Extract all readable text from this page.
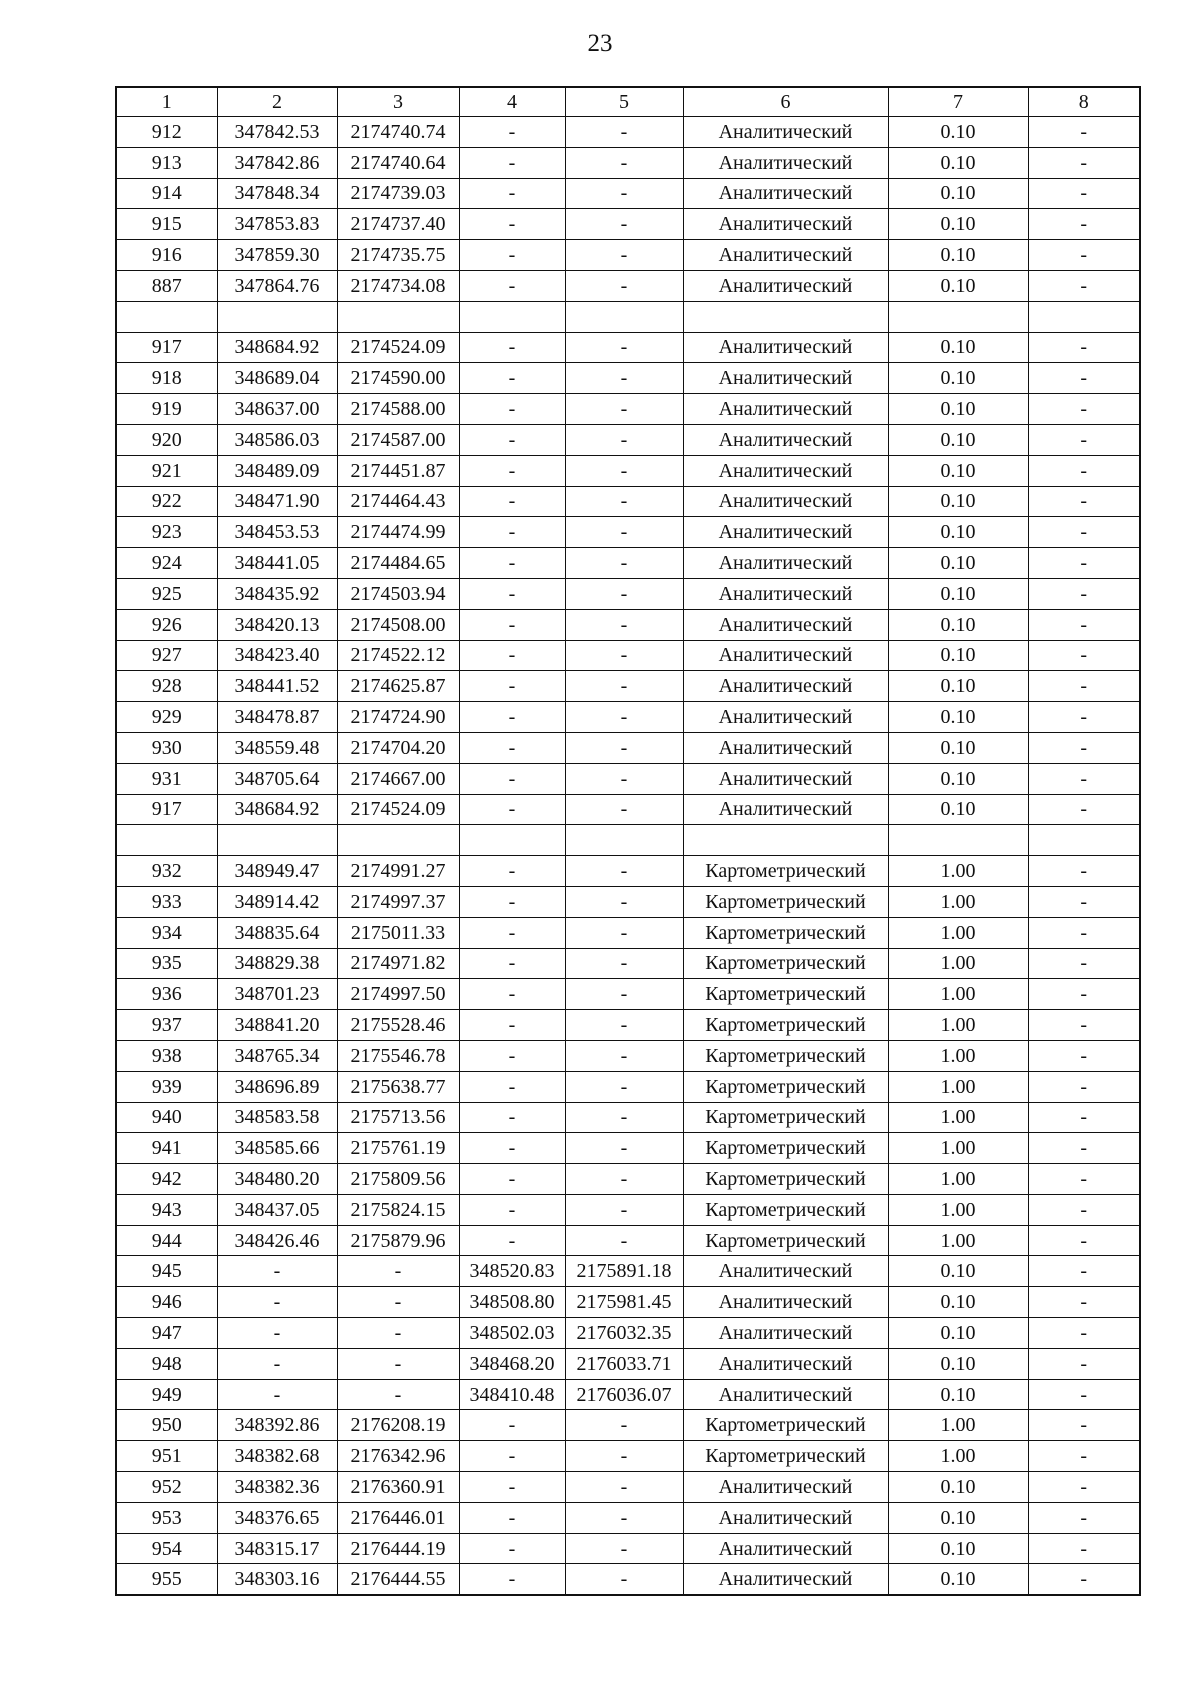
23
1	2	3	4	5	6	7	8
912	347842.53	2174740.74	-	-	Аналитический	0.10	-
913	347842.86	2174740.64	-	-	Аналитический	0.10	-
914	347848.34	2174739.03	-	-	Аналитический	0.10	-
915	347853.83	2174737.40	-	-	Аналитический	0.10	-
916	347859.30	2174735.75	-	-	Аналитический	0.10	-
887	347864.76	2174734.08	-	-	Аналитический	0.10	-

917	348684.92	2174524.09	-	-	Аналитический	0.10	-
918	348689.04	2174590.00	-	-	Аналитический	0.10	-
919	348637.00	2174588.00	-	-	Аналитический	0.10	-
920	348586.03	2174587.00	-	-	Аналитический	0.10	-
921	348489.09	2174451.87	-	-	Аналитический	0.10	-
922	348471.90	2174464.43	-	-	Аналитический	0.10	-
923	348453.53	2174474.99	-	-	Аналитический	0.10	-
924	348441.05	2174484.65	-	-	Аналитический	0.10	-
925	348435.92	2174503.94	-	-	Аналитический	0.10	-
926	348420.13	2174508.00	-	-	Аналитический	0.10	-
927	348423.40	2174522.12	-	-	Аналитический	0.10	-
928	348441.52	2174625.87	-	-	Аналитический	0.10	-
929	348478.87	2174724.90	-	-	Аналитический	0.10	-
930	348559.48	2174704.20	-	-	Аналитический	0.10	-
931	348705.64	2174667.00	-	-	Аналитический	0.10	-
917	348684.92	2174524.09	-	-	Аналитический	0.10	-

932	348949.47	2174991.27	-	-	Картометрический	1.00	-
933	348914.42	2174997.37	-	-	Картометрический	1.00	-
934	348835.64	2175011.33	-	-	Картометрический	1.00	-
935	348829.38	2174971.82	-	-	Картометрический	1.00	-
936	348701.23	2174997.50	-	-	Картометрический	1.00	-
937	348841.20	2175528.46	-	-	Картометрический	1.00	-
938	348765.34	2175546.78	-	-	Картометрический	1.00	-
939	348696.89	2175638.77	-	-	Картометрический	1.00	-
940	348583.58	2175713.56	-	-	Картометрический	1.00	-
941	348585.66	2175761.19	-	-	Картометрический	1.00	-
942	348480.20	2175809.56	-	-	Картометрический	1.00	-
943	348437.05	2175824.15	-	-	Картометрический	1.00	-
944	348426.46	2175879.96	-	-	Картометрический	1.00	-
945	-	-	348520.83	2175891.18	Аналитический	0.10	-
946	-	-	348508.80	2175981.45	Аналитический	0.10	-
947	-	-	348502.03	2176032.35	Аналитический	0.10	-
948	-	-	348468.20	2176033.71	Аналитический	0.10	-
949	-	-	348410.48	2176036.07	Аналитический	0.10	-
950	348392.86	2176208.19	-	-	Картометрический	1.00	-
951	348382.68	2176342.96	-	-	Картометрический	1.00	-
952	348382.36	2176360.91	-	-	Аналитический	0.10	-
953	348376.65	2176446.01	-	-	Аналитический	0.10	-
954	348315.17	2176444.19	-	-	Аналитический	0.10	-
955	348303.16	2176444.55	-	-	Аналитический	0.10	-
